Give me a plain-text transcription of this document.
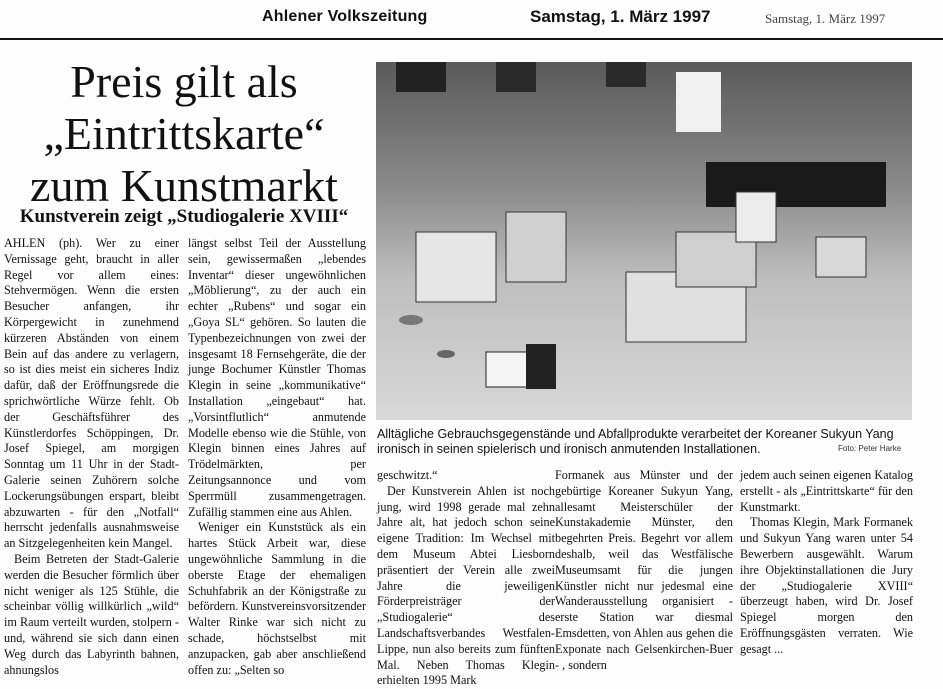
Ahlener Volkszeitung	Samstag, 1. März 1997	Samstag, 1. März 1997
Preis gilt als
„Eintrittskarte“
zum Kunstmarkt
Kunstverein zeigt „Studiogalerie XVIII“

AHLEN (ph). Wer zu einer Vernissage geht, braucht in aller Regel vor allem eines: Stehvermögen. Wenn die ersten Besucher anfangen, ihr Körpergewicht in zunehmend kürzeren Abständen von einem Bein auf das andere zu verlagern, so ist dies meist ein sicheres Indiz dafür, daß der Eröffnungsrede die sprichwörtliche Würze fehlt. Ob der Geschäftsführer des Künstlerdorfes Schöppingen, Dr. Josef Spiegel, am morgigen Sonntag um 11 Uhr in der Stadt-Galerie seinen Zuhörern solche Lockerungsübungen erspart, bleibt abzuwarten - für den „Notfall“ herrscht jedenfalls ausnahmsweise an Sitzgelegenheiten kein Mangel.

Beim Betreten der Stadt-Galerie werden die Besucher förmlich über nicht weniger als 125 Stühle, die scheinbar völlig willkürlich „wild“ im Raum verteilt wurden, stolpern - und, während sie sich dann einen Weg durch das Labyrinth bahnen, ahnungslos

längst selbst Teil der Ausstellung sein, gewissermaßen „lebendes Inventar“ dieser ungewöhnlichen „Möblierung“, zu der auch ein echter „Rubens“ und sogar ein „Goya SL“ gehören. So lauten die Typenbezeichnungen von zwei der insgesamt 18 Fernsehgeräte, die der junge Bochumer Künstler Thomas Klegin in seine „kommunikative“ Installation „eingebaut“ hat. „Vorsintflutlich“ anmutende Modelle ebenso wie die Stühle, von Klegin binnen eines Jahres auf Trödelmärkten, per Zeitungsannonce und vom Sperrmüll zusammengetragen. Zufällig stammen eine aus Ahlen.

Weniger ein Kunststück als ein hartes Stück Arbeit war, diese ungewöhnliche Sammlung in die oberste Etage der ehemaligen Schuhfabrik an der Königstraße zu befördern. Kunstvereinsvorsitzender Walter Rinke war sich nicht zu schade, höchstselbst mit anzupacken, gab aber anschließend offen zu: „Selten so

Alltägliche Gebrauchsgegenstände und Abfallprodukte verarbeitet der Koreaner Sukyun Yang ironisch in seinen spielerisch und ironisch anmutenden Installationen.	Foto: Peter Harke

geschwitzt.“

Der Kunstverein Ahlen ist noch jung, wird 1998 gerade mal zehn Jahre alt, hat jedoch schon seine eigene Tradition: Im Wechsel mit dem Museum Abtei Liesborn präsentiert der Verein alle zwei Jahre die jeweiligen Förderpreisträger der „Studiogalerie“ des Landschaftsverbandes Westfalen-Lippe, nun also bereits zum fünften Mal. Neben Thomas Klegin erhielten 1995 Mark

Formanek aus Münster und der gebürtige Koreaner Sukyun Yang, allesamt Meisterschüler der Kunstakademie Münster, den begehrten Preis. Begehrt vor allem deshalb, weil das Westfälische Museumsamt für die jungen Künstler nicht nur jedesmal eine Wanderausstellung organisiert - erste Station war diesmal Emsdetten, von Ahlen aus gehen die Exponate nach Gelsenkirchen-Buer - , sondern

jedem auch seinen eigenen Katalog erstellt - als „Eintrittskarte“ für den Kunstmarkt.

Thomas Klegin, Mark Formanek und Sukyun Yang waren unter 54 Bewerbern ausgewählt. Warum ihre Objektinstallationen die Jury der „Studiogalerie XVIII“ überzeugt haben, wird Dr. Josef Spiegel morgen den Eröffnungsgästen verraten. Wie gesagt ...
